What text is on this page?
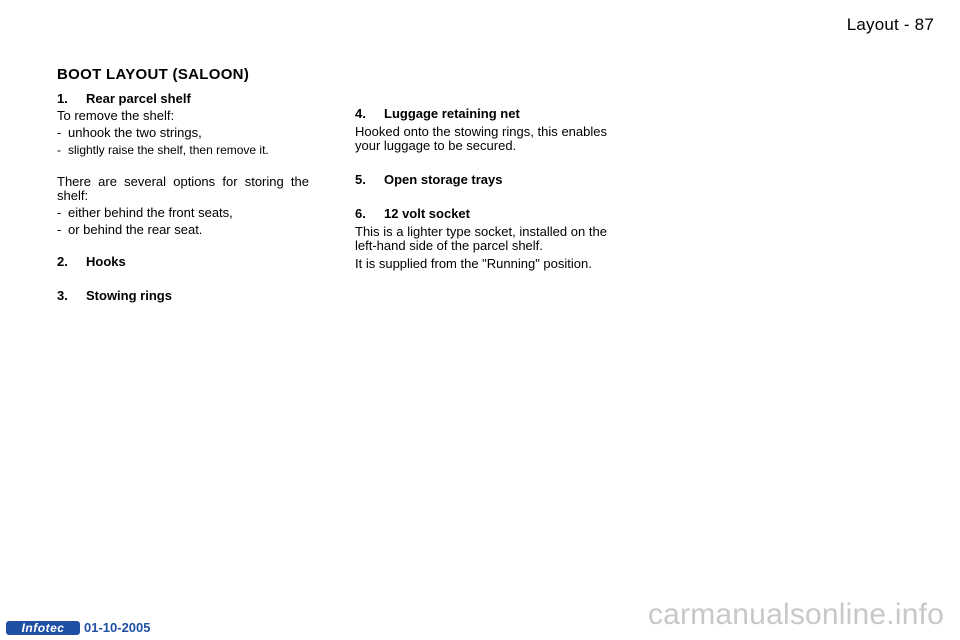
Layout - 87
BOOT LAYOUT (SALOON)
1.	Rear parcel shelf

To remove the shelf:

- unhook the two strings,
- slightly raise the shelf, then remove it.

There are several options for storing the shelf:

- either behind the front seats,
- or behind the rear seat.
2.	Hooks
3.	Stowing rings
4.	Luggage retaining net

Hooked onto the stowing rings, this enables your luggage to be secured.

5.	Open storage trays
6.	12 volt socket

This is a lighter type socket, installed on the left-hand side of the parcel shelf.

It is supplied from the "Running" position.

Infotec 01-10-2005	carmanualsonline.info
